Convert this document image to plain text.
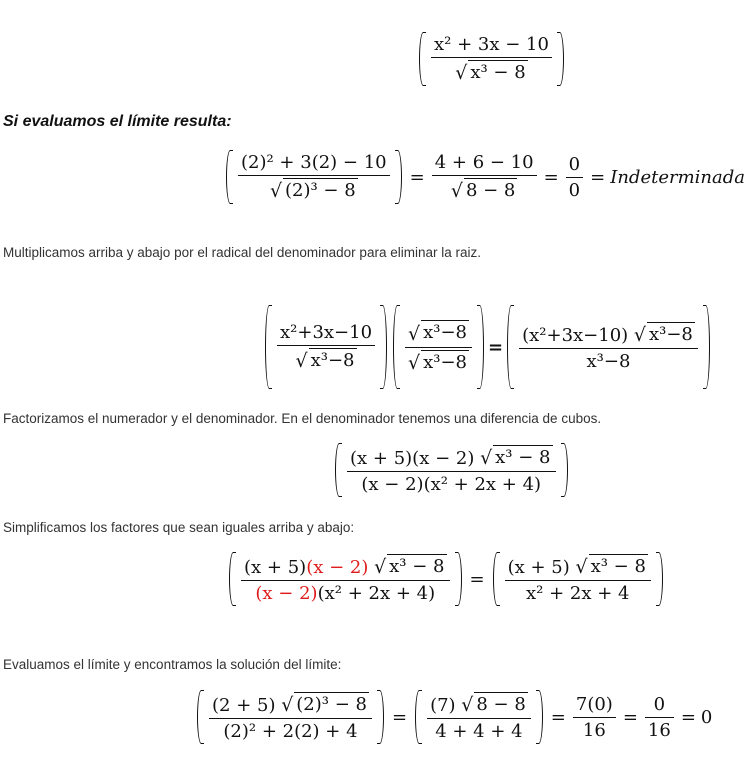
$\frac{\text{x² + 3x − 10}}{\text{√ x³ − 8}}$
Si evaluamos el límite resulta:
$\frac{\text{(2)² + 3(2) − 10}}{\text{√ (2)³ − 8}} = \frac{4 + 6 - 10}{√ 8 - 8} = \frac{0}{0}$ = Indeterminada
Multiplicamos arriba y abajo por el radical del denominador para eliminar la raiz.
$\frac{\text{x²+3x−10}}{\text{√ x³−8}} \frac{\text{√ x³−8}}{\text{√ x³−8}} = \frac{\text{(x²+3x−10) √ x³−8}}{\text{x³−8}}$
Factorizamos el numerador y el denominador. En el denominador tenemos una diferencia de cubos.
$\frac{\text{(x + 5)(x − 2) √ x³ − 8}}{\text{(x − 2)(x² + 2x + 4)}}$
Simplificamos los factores que sean iguales arriba y abajo:
$\frac{\text{(x + 5)(x − 2) √ x³ − 8}}{\text{(x − 2)(x² + 2x + 4)}} = \frac{\text{(x + 5) √ x³ − 8}}{\text{x² + 2x + 4}}$
Evaluamos el límite y encontramos la solución del límite:
$\frac{\text{(2 + 5) √ (2)³ − 8}}{\text{(2)² + 2(2) + 4}} = \frac{(7) √ 8 - 8}{4 + 4 + 4} = \frac{7(0)}{16} = \frac{0}{16} = 0$
